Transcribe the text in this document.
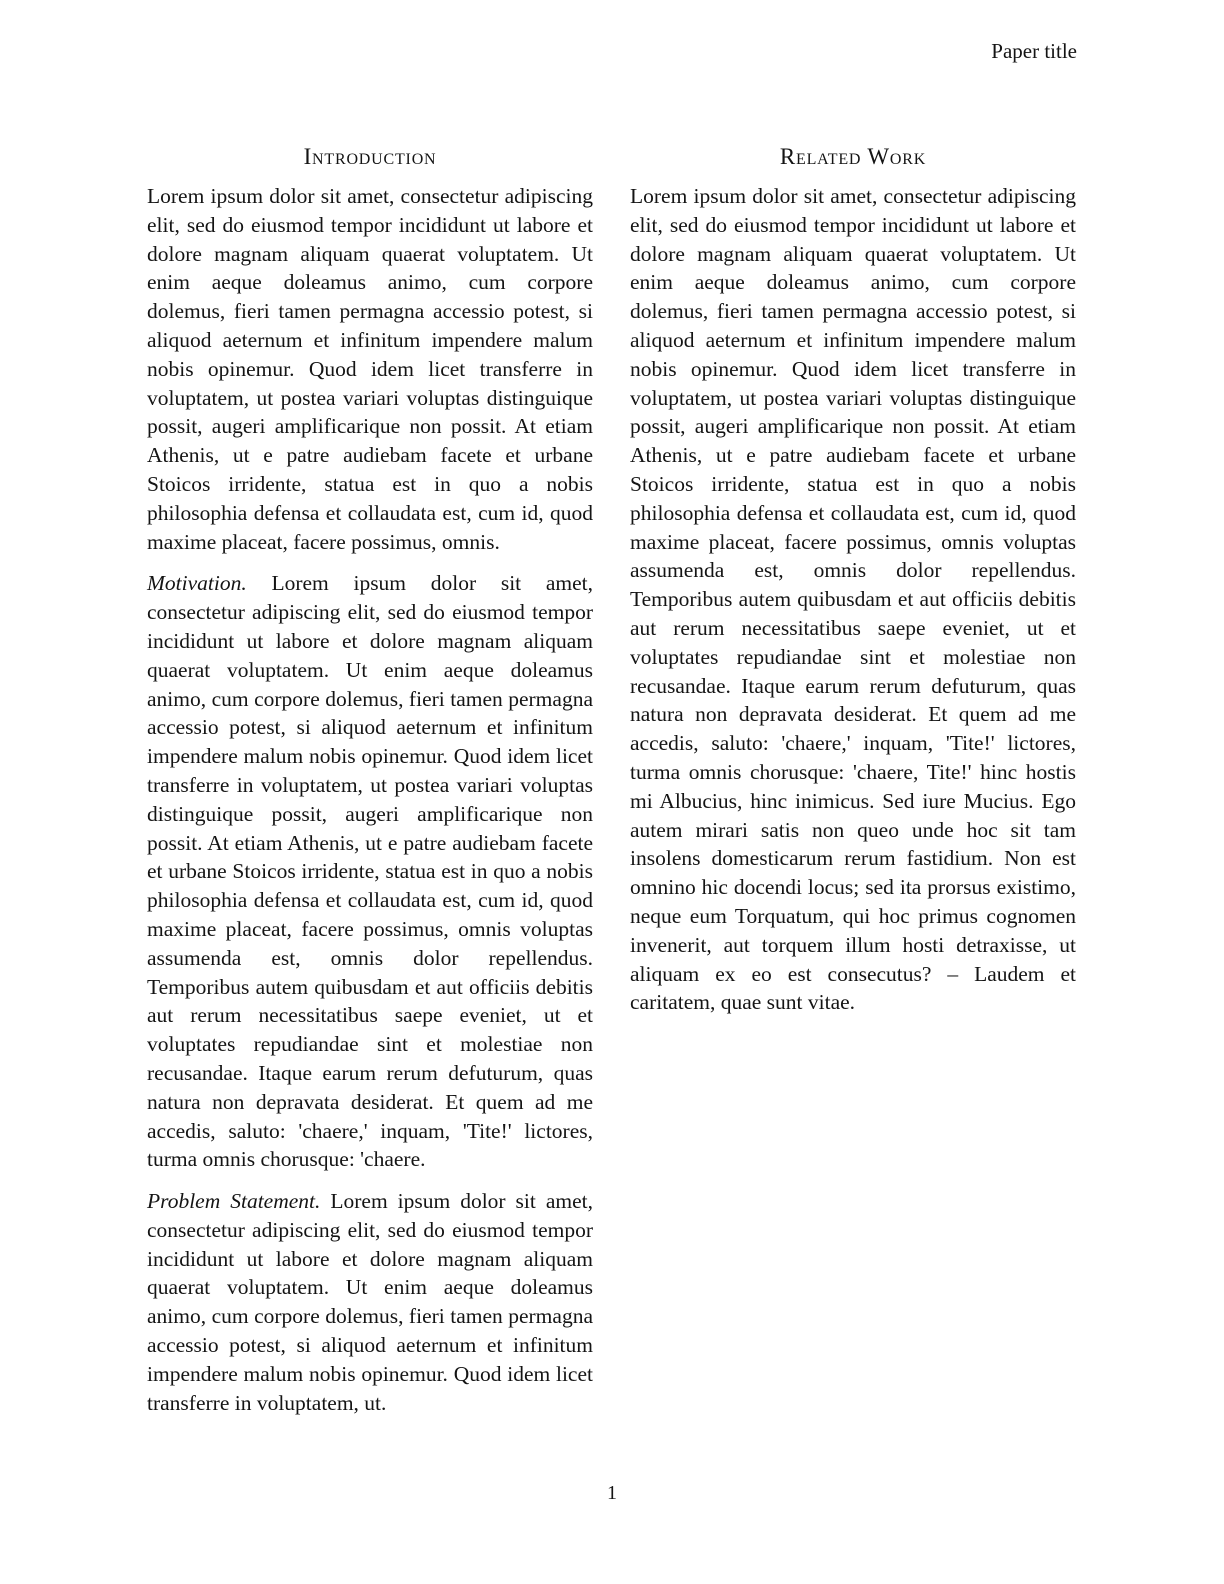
Paper title
Introduction

Lorem ipsum dolor sit amet, consectetur adipiscing elit, sed do eiusmod tempor incididunt ut labore et dolore magnam aliquam quaerat voluptatem. Ut enim aeque doleamus animo, cum corpore dolemus, fieri tamen permagna accessio potest, si aliquod aeternum et infinitum impendere malum nobis opinemur. Quod idem licet transferre in voluptatem, ut postea variari voluptas distinguique possit, augeri amplificarique non possit. At etiam Athenis, ut e patre audiebam facete et urbane Stoicos irridente, statua est in quo a nobis philosophia defensa et collaudata est, cum id, quod maxime placeat, facere possimus, omnis.

Motivation. Lorem ipsum dolor sit amet, consectetur adipiscing elit, sed do eiusmod tempor incididunt ut labore et dolore magnam aliquam quaerat voluptatem. Ut enim aeque doleamus animo, cum corpore dolemus, fieri tamen permagna accessio potest, si aliquod aeternum et infinitum impendere malum nobis opinemur. Quod idem licet transferre in voluptatem, ut postea variari voluptas distinguique possit, augeri amplificarique non possit. At etiam Athenis, ut e patre audiebam facete et urbane Stoicos irridente, statua est in quo a nobis philosophia defensa et collaudata est, cum id, quod maxime placeat, facere possimus, omnis voluptas assumenda est, omnis dolor repellendus. Temporibus autem quibusdam et aut officiis debitis aut rerum necessitatibus saepe eveniet, ut et voluptates repudiandae sint et molestiae non recusandae. Itaque earum rerum defuturum, quas natura non depravata desiderat. Et quem ad me accedis, saluto: 'chaere,' inquam, 'Tite!' lictores, turma omnis chorusque: 'chaere.

Problem Statement. Lorem ipsum dolor sit amet, consectetur adipiscing elit, sed do eiusmod tempor incididunt ut labore et dolore magnam aliquam quaerat voluptatem. Ut enim aeque doleamus animo, cum corpore dolemus, fieri tamen permagna accessio potest, si aliquod aeternum et infinitum impendere malum nobis opinemur. Quod idem licet transferre in voluptatem, ut.

Related Work

Lorem ipsum dolor sit amet, consectetur adipiscing elit, sed do eiusmod tempor incididunt ut labore et dolore magnam aliquam quaerat voluptatem. Ut enim aeque doleamus animo, cum corpore dolemus, fieri tamen permagna accessio potest, si aliquod aeternum et infinitum impendere malum nobis opinemur. Quod idem licet transferre in voluptatem, ut postea variari voluptas distinguique possit, augeri amplificarique non possit. At etiam Athenis, ut e patre audiebam facete et urbane Stoicos irridente, statua est in quo a nobis philosophia defensa et collaudata est, cum id, quod maxime placeat, facere possimus, omnis voluptas assumenda est, omnis dolor repellendus. Temporibus autem quibusdam et aut officiis debitis aut rerum necessitatibus saepe eveniet, ut et voluptates repudiandae sint et molestiae non recusandae. Itaque earum rerum defuturum, quas natura non depravata desiderat. Et quem ad me accedis, saluto: 'chaere,' inquam, 'Tite!' lictores, turma omnis chorusque: 'chaere, Tite!' hinc hostis mi Albucius, hinc inimicus. Sed iure Mucius. Ego autem mirari satis non queo unde hoc sit tam insolens domesticarum rerum fastidium. Non est omnino hic docendi locus; sed ita prorsus existimo, neque eum Torquatum, qui hoc primus cognomen invenerit, aut torquem illum hosti detraxisse, ut aliquam ex eo est consecutus? – Laudem et caritatem, quae sunt vitae.

1
